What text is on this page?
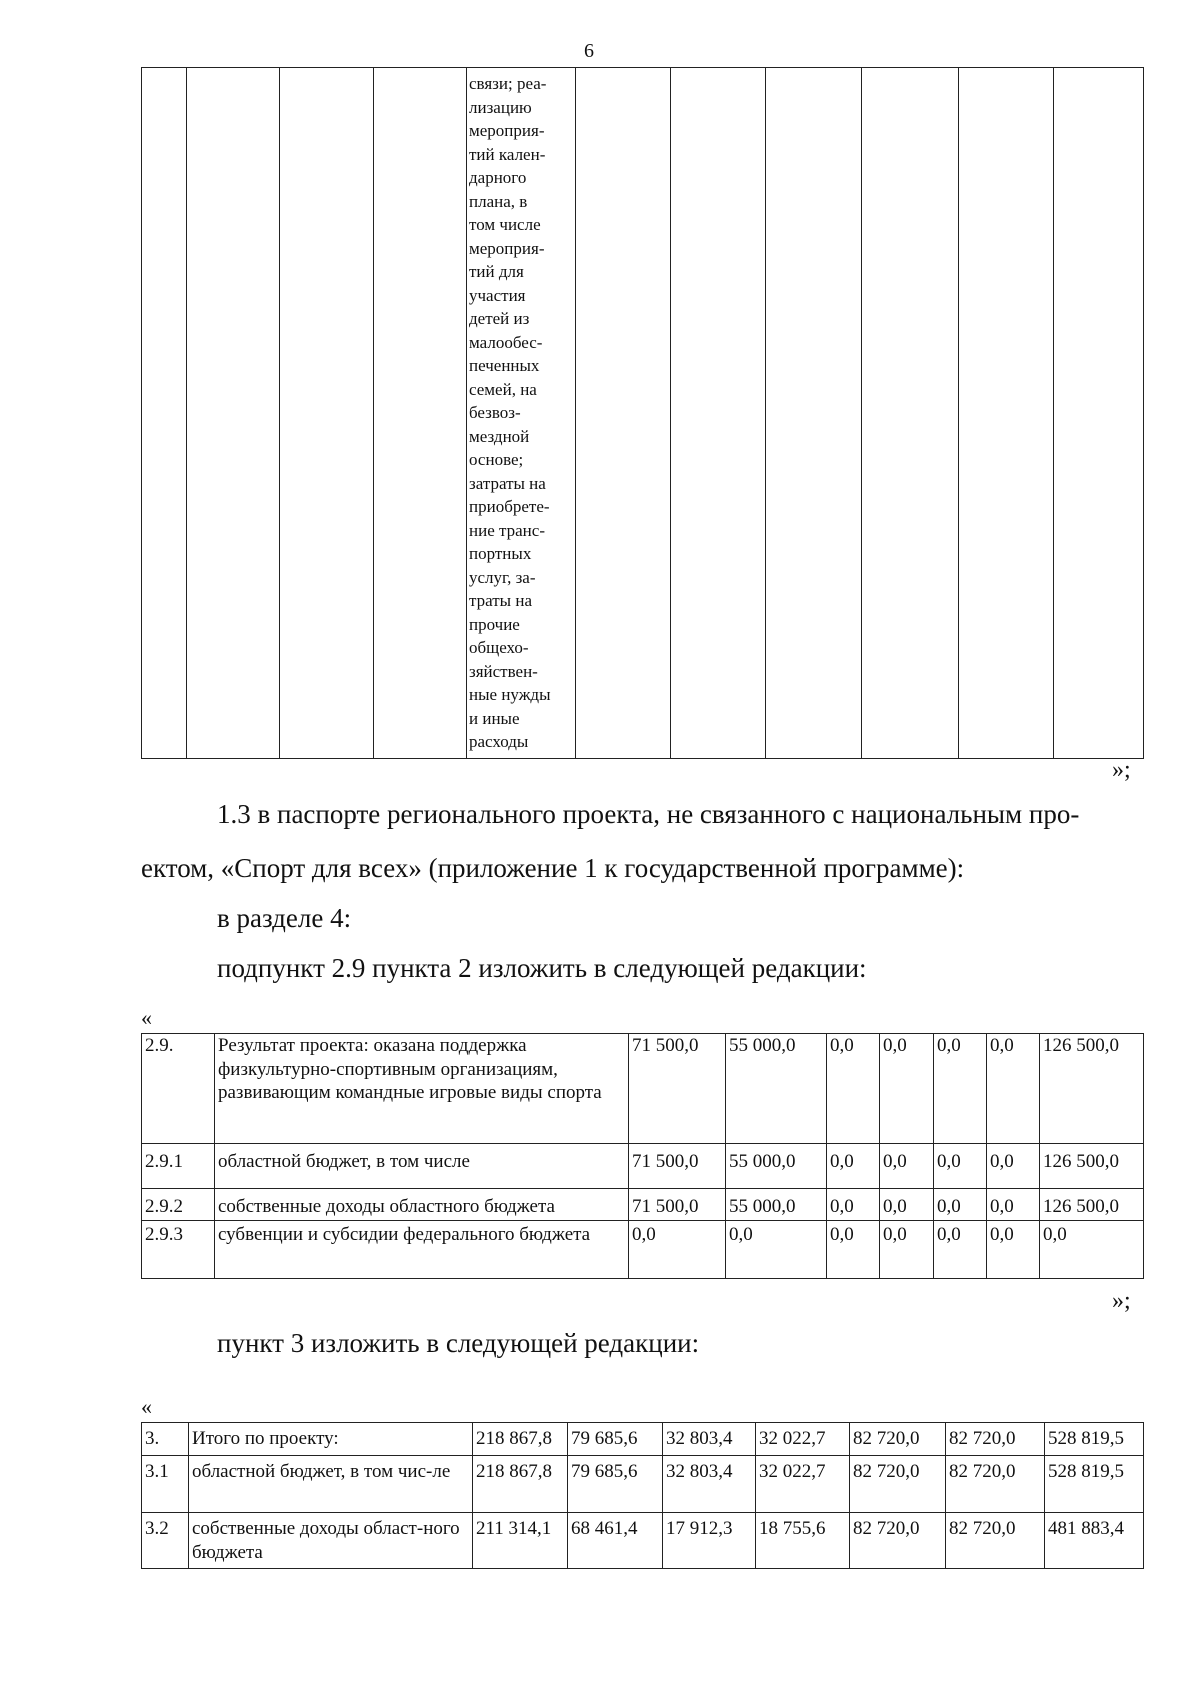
6
				связи; реа-
лизацию
мероприя-
тий кален-
дарного
плана, в
том числе
мероприя-
тий для
участия
детей из
малообес-
печенных
семей, на
безвоз-
мездной
основе;
затраты на
приобрете-
ние транс-
портных
услуг, за-
траты на
прочие
общехо-
зяйствен-
ные нужды
и иные
расходы						
»;
1.3 в паспорте регионального проекта, не связанного с национальным про-
ектом, «Спорт для всех» (приложение 1 к государственной программе):
в разделе 4:
подпункт 2.9 пункта 2 изложить в следующей редакции:
«
2.9.	Результат проекта: оказана поддержка физкультурно-спортивным организациям, развивающим командные игровые виды спорта	71 500,0	55 000,0	0,0	0,0	0,0	0,0	126 500,0
2.9.1	областной бюджет, в том числе	71 500,0	55 000,0	0,0	0,0	0,0	0,0	126 500,0
2.9.2	собственные доходы областного бюджета	71 500,0	55 000,0	0,0	0,0	0,0	0,0	126 500,0
2.9.3	субвенции и субсидии федерального бюджета	0,0	0,0	0,0	0,0	0,0	0,0	0,0
»;
пункт 3 изложить в следующей редакции:
«
3.	Итого по проекту:	218 867,8	79 685,6	32 803,4	32 022,7	82 720,0	82 720,0	528 819,5
3.1	областной бюджет, в том чис-ле	218 867,8	79 685,6	32 803,4	32 022,7	82 720,0	82 720,0	528 819,5
3.2	собственные доходы област-ного бюджета	211 314,1	68 461,4	17 912,3	18 755,6	82 720,0	82 720,0	481 883,4
